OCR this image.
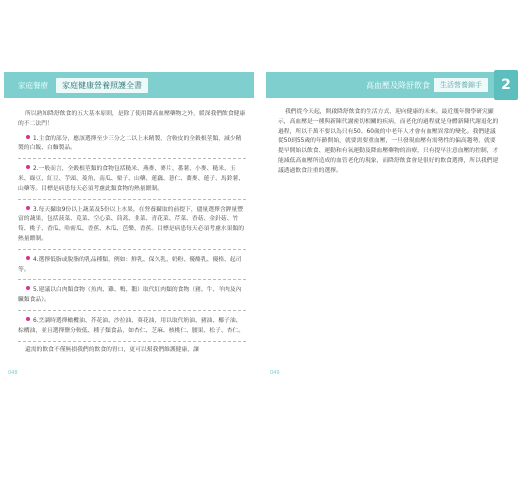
家庭餐療	家庭健康營養照護全書

所以熟知降舒飲食的五大基本原則，是除了使用降高血壓藥物之外，緩深我們飲食健康的不二法門！

1.主食的部分，應該選擇至少三分之二以上未精製，含較皮的全穀根莖類，減少精製的白飯、白麵製品。
2.一般而言，全穀根莖類的食物包括糙米、燕麥、麥片、番薯、小麥、糙米、玉米、綠豆、紅豆、芋頭、菱角、南瓜、栗子、山藥、蓮藕、薏仁、蕎麥、蓮子、馬鈴薯、山藥等。目標是病患每天必須考慮此類食物的熱量餵制。
3.每天攝取9份以上蔬菜及5份以上水果，在營養攝取的前提下，儘量選擇含鉀量豐富的蔬果，包括菠菜、莧菜、空心菜、茼蒿、韭菜、青花菜、芹菜、香菇、金針菇、竹筍、桃子、香瓜、哈密瓜、香蕉、木瓜、芭樂、香蕉。目標是病患每天必須考慮水果類的熱量餵制。
4.選擇低脂或脫脂的乳品種類，例如：鮮乳、保久乳、奶粉、優酪乳、優格、起司等。
5.建議以白肉類食物（魚肉、雞、鴨、鵝）取代紅肉類的食物（豬、牛、羊肉及內臟類食品）。
6.烹調時選擇橄欖油、芥花油、沙拉油、葵花油，用以取代奶油、豬油、椰子油、棕櫚油，並且選擇鹽分較低、種子類食品，如杏仁、芝麻、核桃仁、腰果、松子、杏仁。

還需的飲食不僅無損我們的飲食的胃口，更可以幫我們維護健康，讓

048
高血壓及降舒飲食	生活營養錦手	2

我們從今天起，開啟降舒飲食的生活方式，迎向健康的未來。最近幾年醫學研究顯示，高血壓是一種與新陳代謝密切相關的疾病，而老化的過程就是身體新陳代謝退化的過程，所以千萬不要以為只有50、60歲的中老年人才會有血壓異常的變化。我們建議從50到55歲的年齡開始，就要需要重血壓，一旦發現血壓有需勢性的偏高趨勢，就要提早開始以飲食、運動和有氧運動及降血壓藥物的治療，只有提早注意血壓的控制，才能減低高血壓所造成的血管老化的現象，而降舒飲食會是很好的飲食選擇，所以我們建議透過飲食注重的選擇。

049
